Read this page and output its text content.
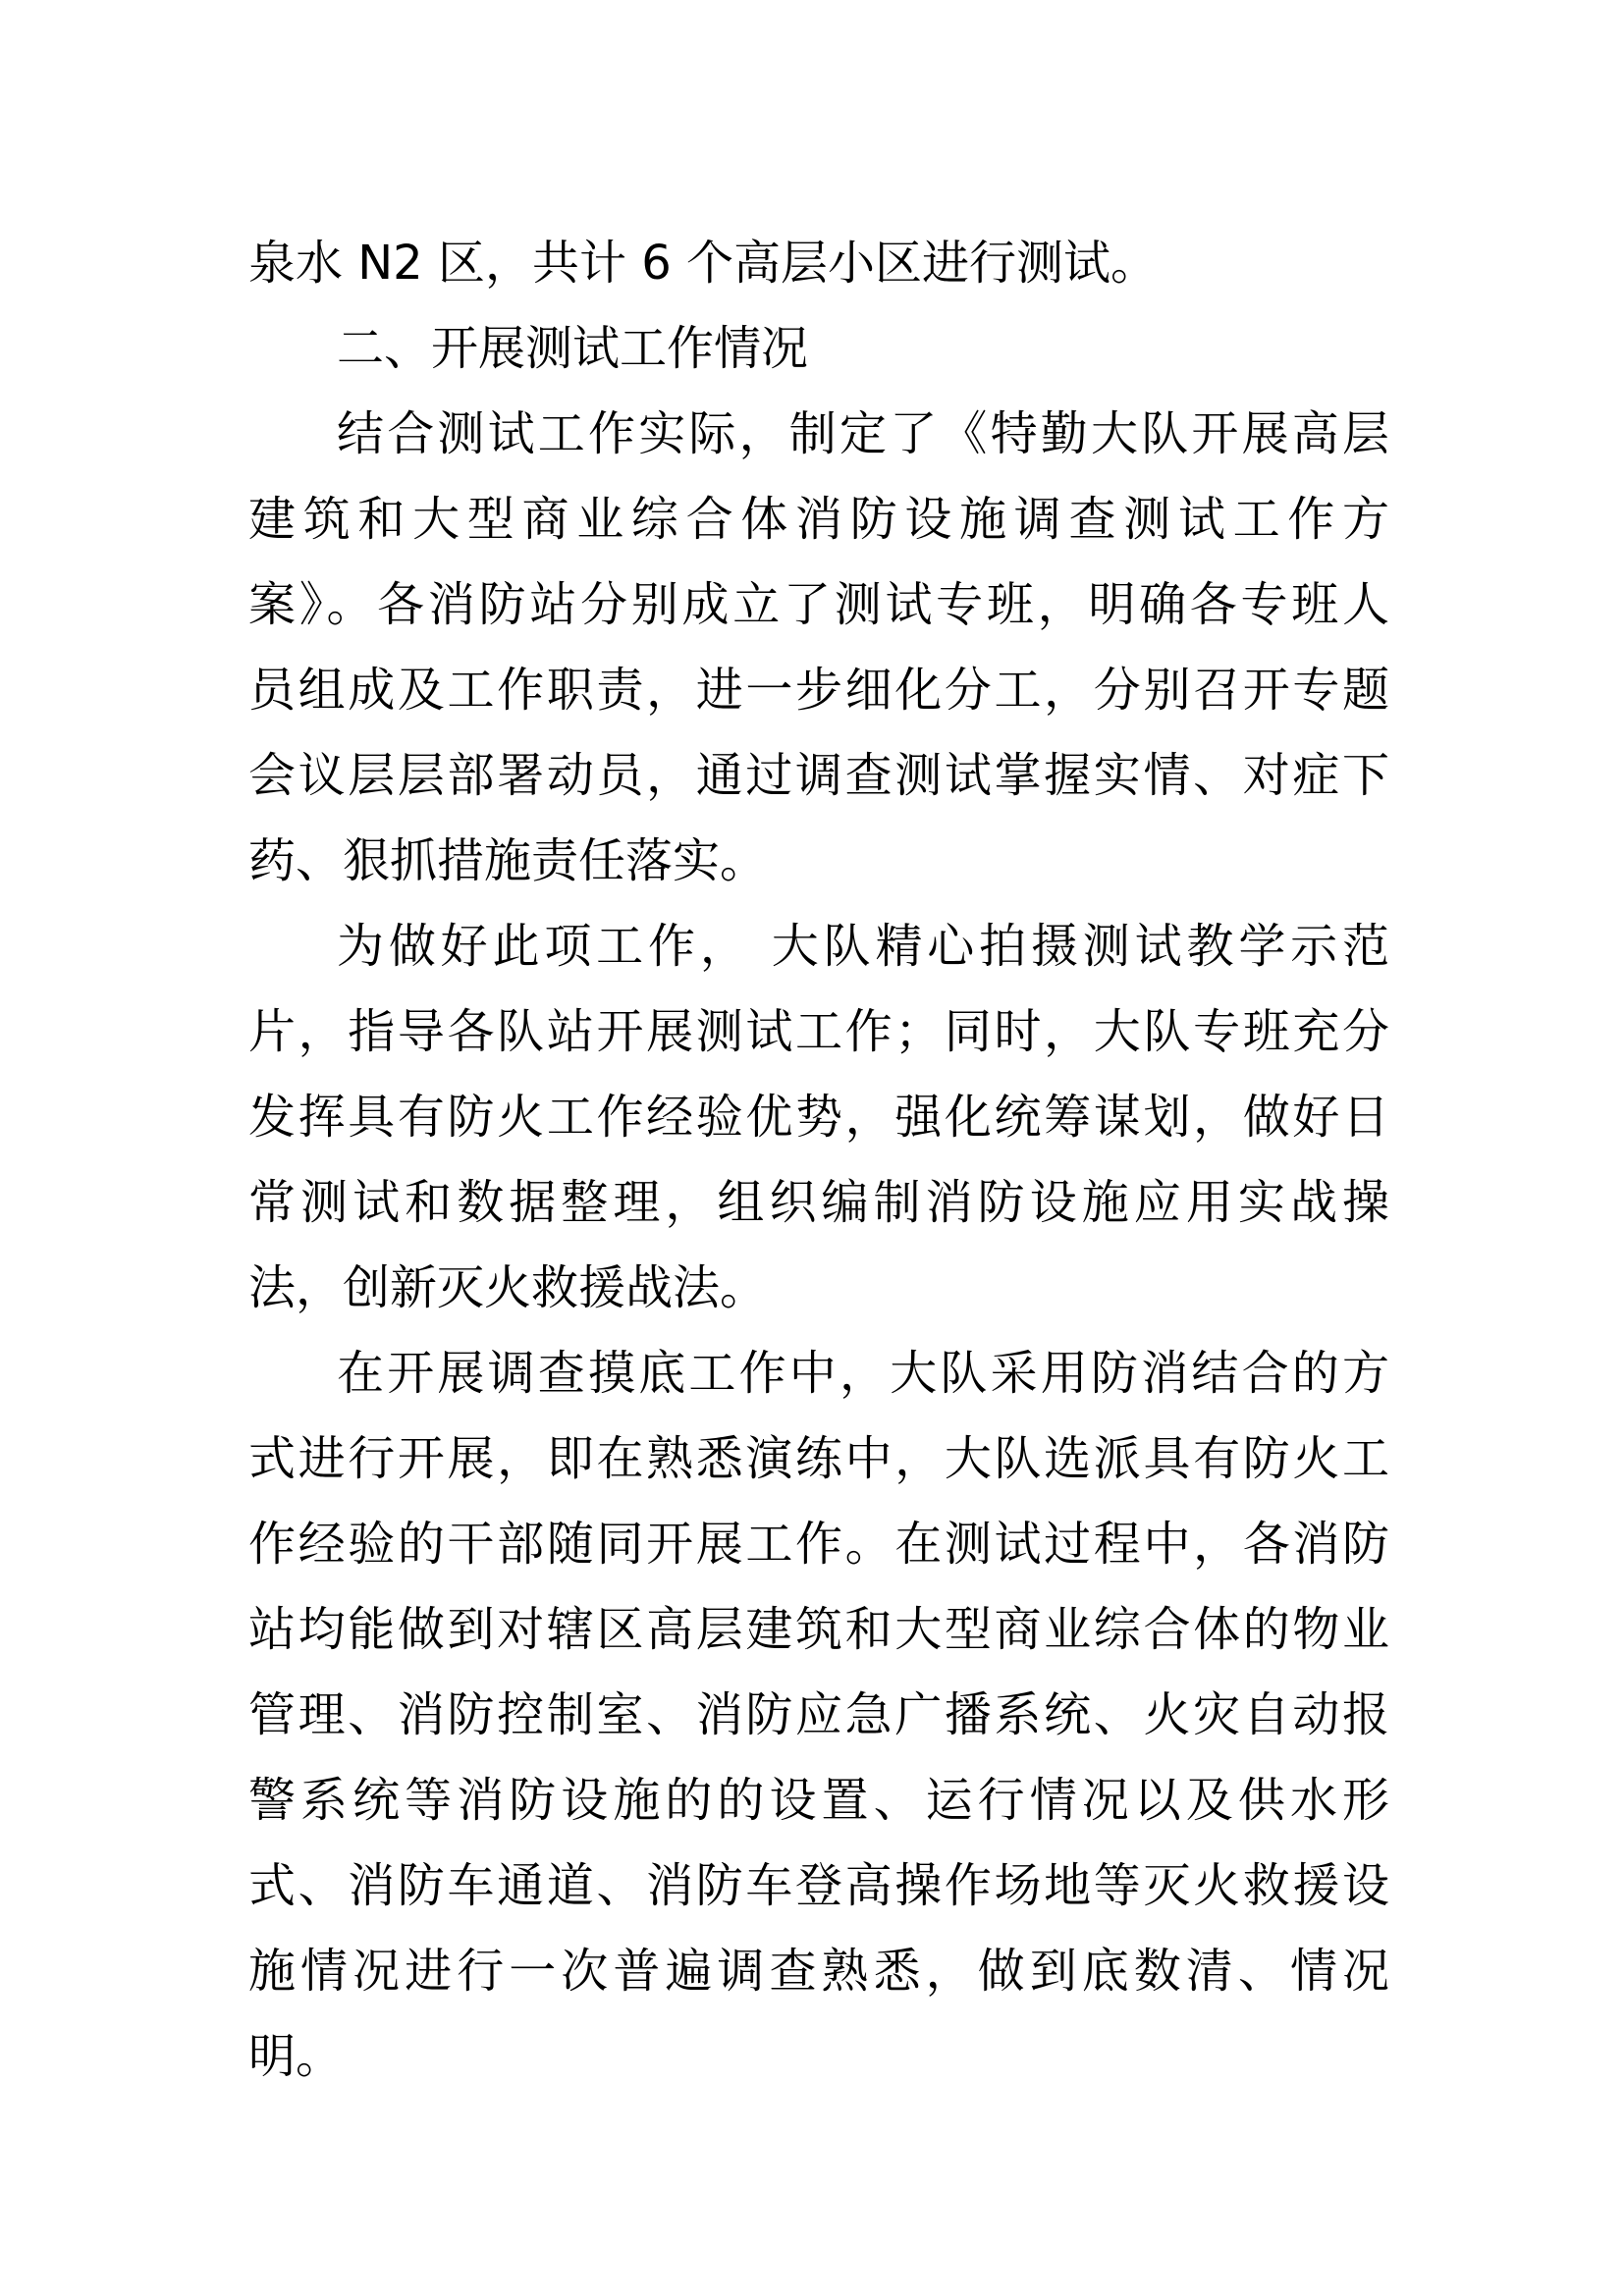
泉水 N2 区，共计 6 个高层小区进行测试。
二、开展测试工作情况
结合测试工作实际，制定了《特勤大队开展高层
建筑和大型商业综合体消防设施调查测试工作方
案》。各消防站分别成立了测试专班，明确各专班人
员组成及工作职责，进一步细化分工，分别召开专题
会议层层部署动员，通过调查测试掌握实情、对症下
药、狠抓措施责任落实。
为做好此项工作， 大队精心拍摄测试教学示范
片，指导各队站开展测试工作；同时，大队专班充分
发挥具有防火工作经验优势，强化统筹谋划，做好日
常测试和数据整理，组织编制消防设施应用实战操
法，创新灭火救援战法。
在开展调查摸底工作中，大队采用防消结合的方
式进行开展，即在熟悉演练中，大队选派具有防火工
作经验的干部随同开展工作。在测试过程中，各消防
站均能做到对辖区高层建筑和大型商业综合体的物业
管理、消防控制室、消防应急广播系统、火灾自动报
警系统等消防设施的的设置、运行情况以及供水形
式、消防车通道、消防车登高操作场地等灭火救援设
施情况进行一次普遍调查熟悉，做到底数清、情况
明。
